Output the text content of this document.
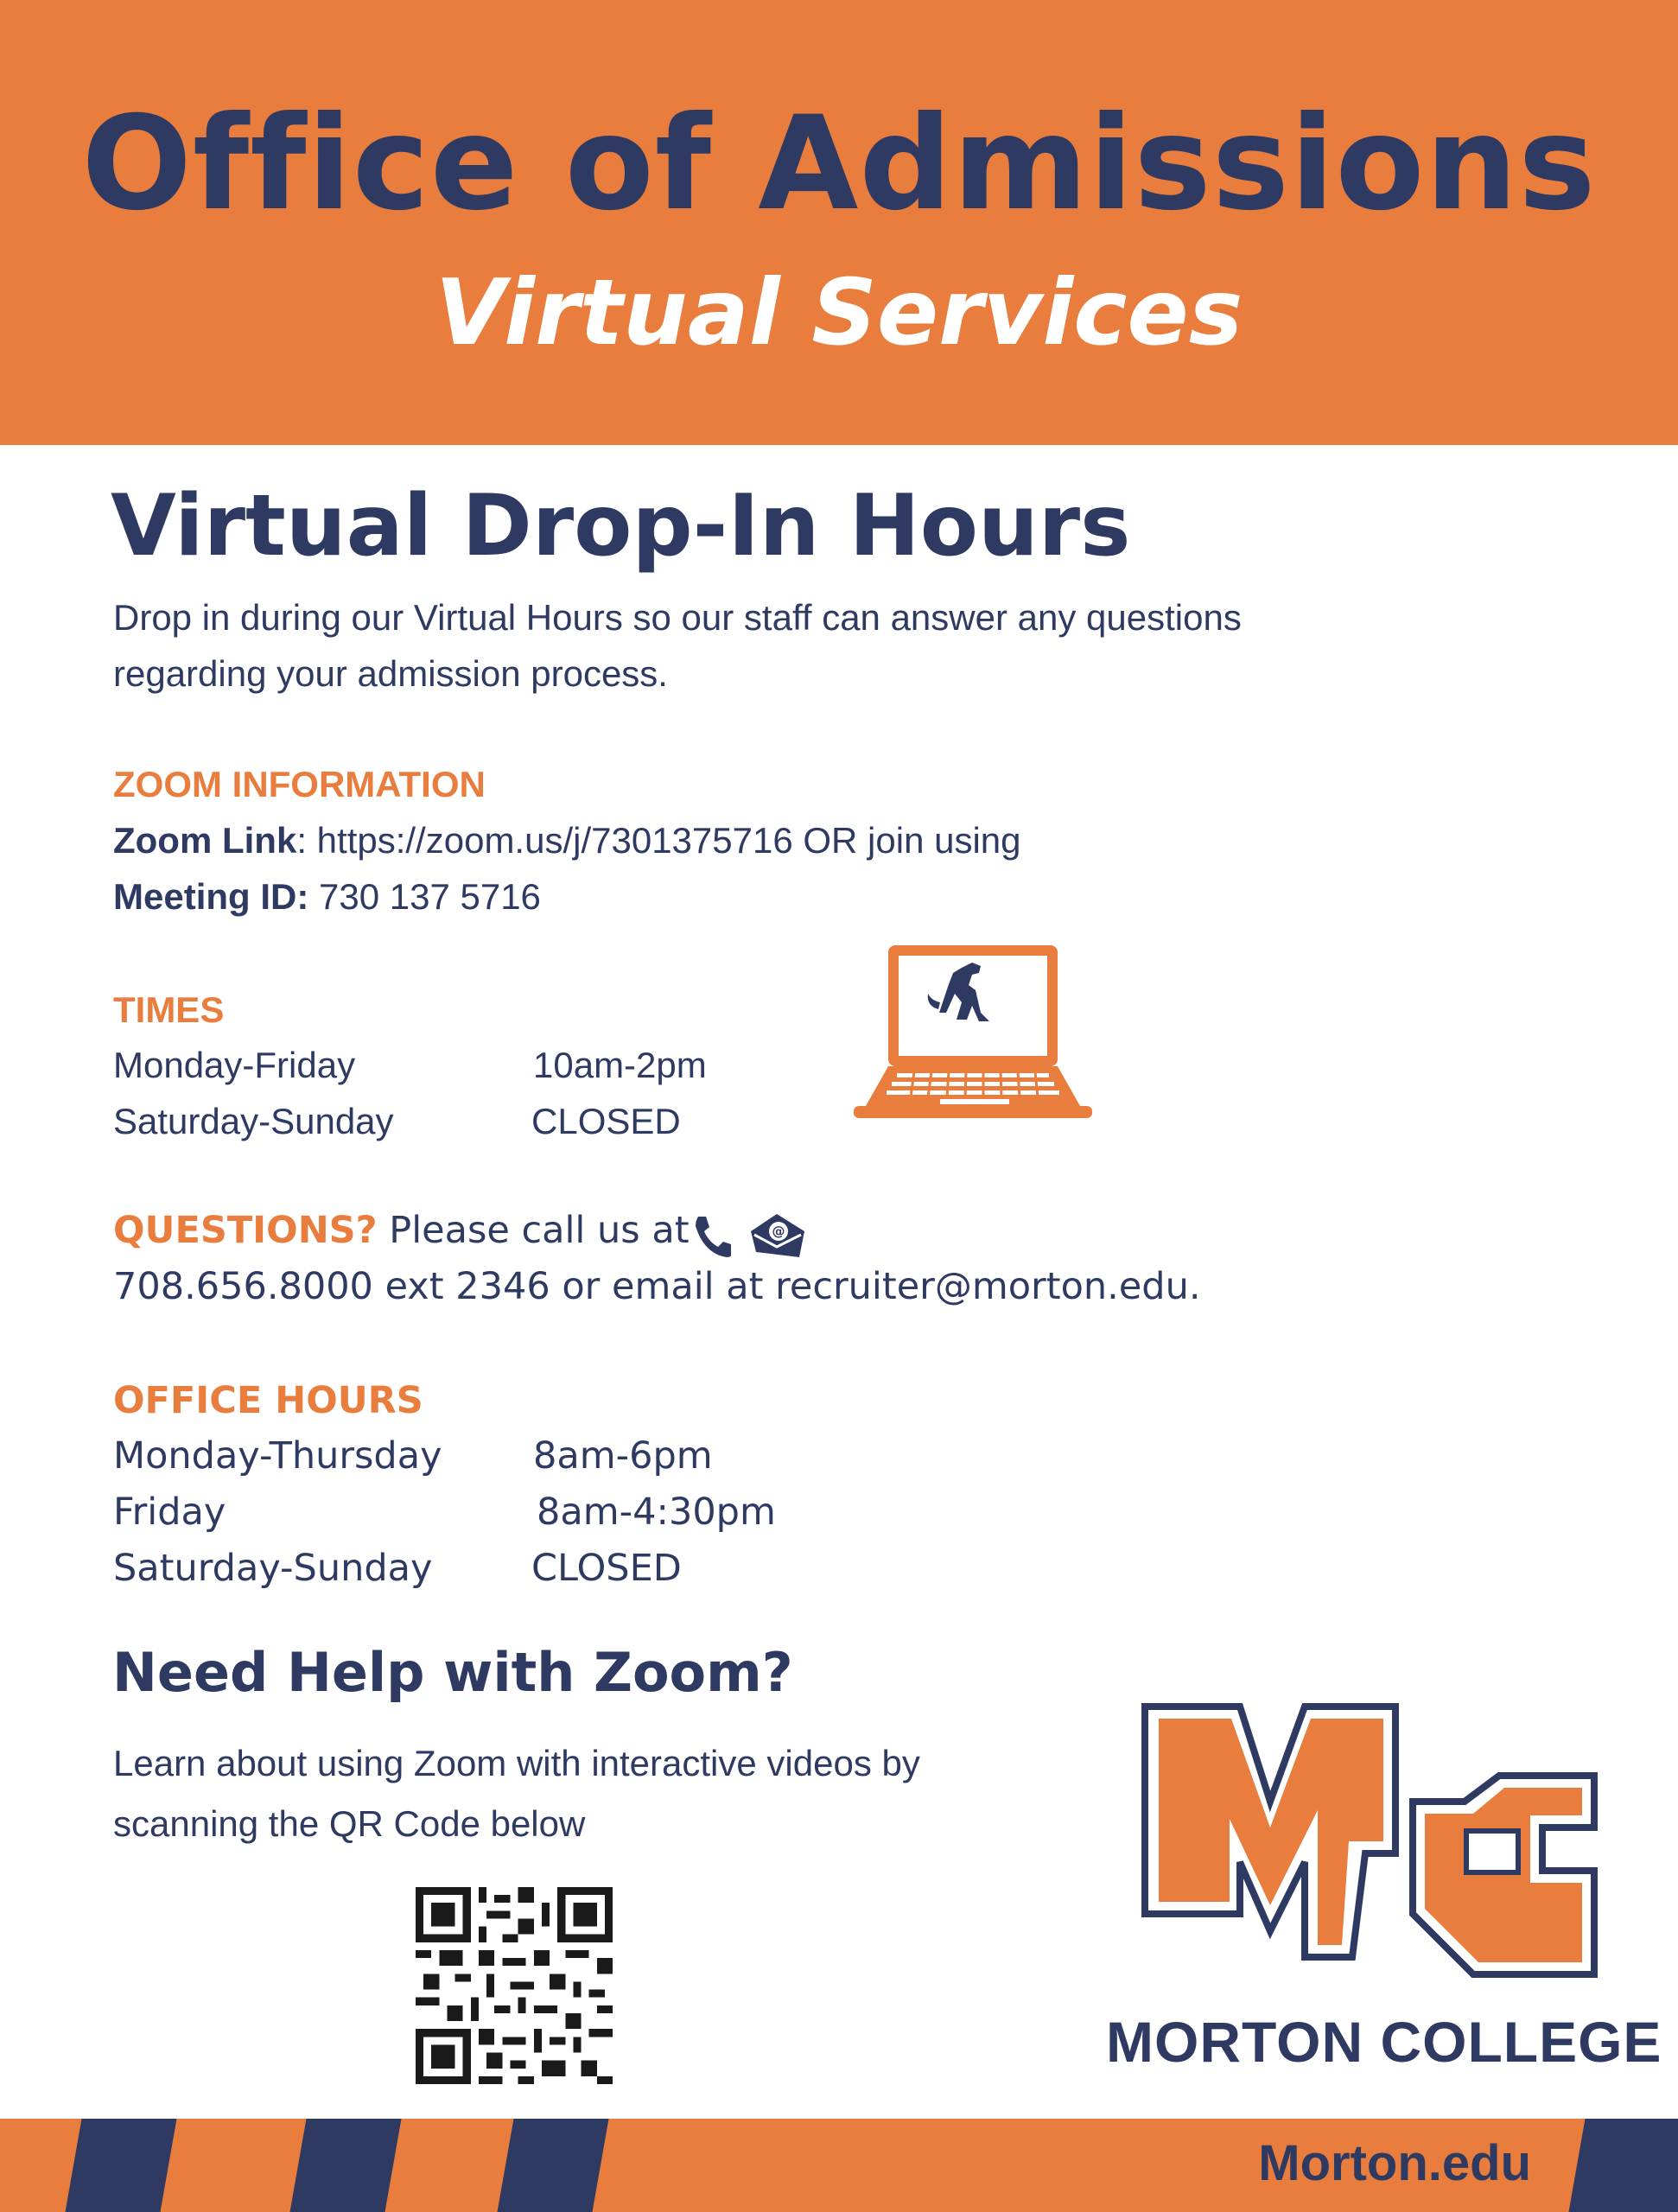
Office of Admissions
Virtual Services
Virtual Drop-In Hours
Drop in during our Virtual Hours so our staff can answer any questions
regarding your admission process.
ZOOM INFORMATION
Zoom Link: https://zoom.us/j/7301375716 OR join using
Meeting ID: 730 137 5716
TIMES
Monday-Friday	10am-2pm
Saturday-Sunday	CLOSED
QUESTIONS? Please call us at	@
708.656.8000 ext 2346 or email at recruiter@morton.edu.
OFFICE HOURS
Monday-Thursday 8am-6pm
Friday	8am-4:30pm
Saturday-Sunday	CLOSED
Need Help with Zoom?
Learn about using Zoom with interactive videos by
scanning the QR Code below
MORTON COLLEGE
Morton.edu
